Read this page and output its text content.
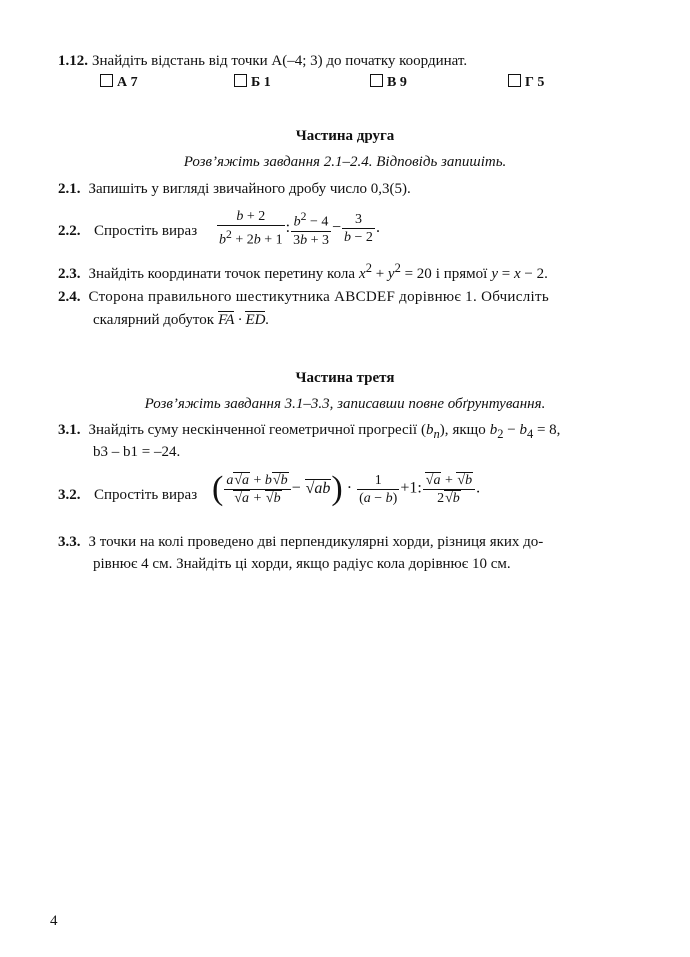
1.12. Знайдіть відстань від точки A(–4; 3) до початку координат.
А 7	Б 1	В 9	Г 5
Частина друга
Розв’яжіть завдання 2.1–2.4. Відповідь запишіть.
2.1. Запишіть у вигляді звичайного дробу число 0,3(5).
2.2. Спростіть вираз $\frac{b + 2}{b^2 + 2b + 1}$ : $\frac{b^2 - 4}{3b + 3} - \frac{3}{b - 2}$ .
2.3. Знайдіть координати точок перетину кола $x^2 + y^2 = 20$ і прямої y = x − 2.
2.4. Сторона правильного шестикутника ABCDEF дорівнює 1. Обчисліть
скалярний добуток FA · ED.
Частина третя
Розв’яжіть завдання 3.1–3.3, записавши повне обґрунтування.
3.1. Знайдіть суму нескінченної геометричної прогресії $(b_n)$, якщо $b_2 - b_4 = 8$,
b3 – b1 = –24.
3.2. Спростіть вираз ( $\frac{a√a + b√b}{√a + √b} - √ab) \cdot \frac{1}{(a - b)} +1$: $\frac{√a + √b}{2√b}$ .
3.3. З точки на колі проведено дві перпендикулярні хорди, різниця яких до-
рівнює 4 см. Знайдіть ці хорди, якщо радіус кола дорівнює 10 см.
4
